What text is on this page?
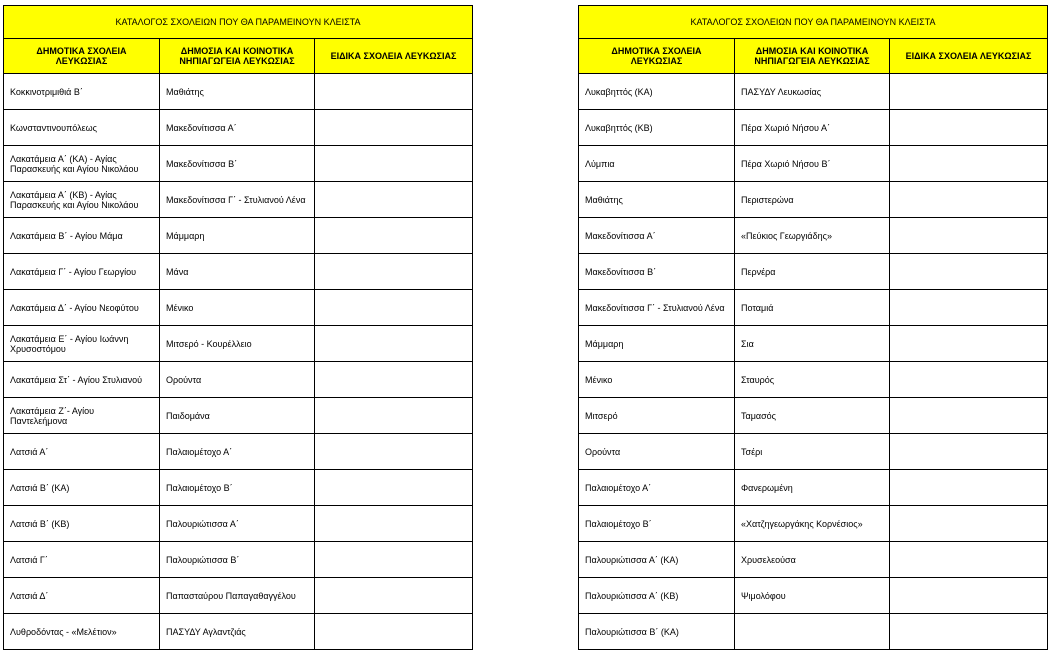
ΚΑΤΑΛΟΓΟΣ ΣΧΟΛΕΙΩΝ ΠΟΥ ΘΑ ΠΑΡΑΜΕΙΝΟΥΝ ΚΛΕΙΣΤΑ		
ΔΗΜΟΤΙΚΑ ΣΧΟΛΕΙΑ ΛΕΥΚΩΣΙΑΣ	ΔΗΜΟΣΙΑ ΚΑΙ ΚΟΙΝΟΤΙΚΑ ΝΗΠΙΑΓΩΓΕΙΑ ΛΕΥΚΩΣΙΑΣ	ΕΙΔΙΚΑ ΣΧΟΛΕΙΑ ΛΕΥΚΩΣΙΑΣ
Κοκκινοτριμιθιά Β΄	Μαθιάτης	
Κωνσταντινουπόλεως	Μακεδονίτισσα Α΄	
Λακατάμεια Α΄ (ΚΑ) - Αγίας Παρασκευής και Αγίου Νικολάου	Μακεδονίτισσα Β΄	
Λακατάμεια Α΄ (ΚΒ) - Αγίας Παρασκευής και Αγίου Νικολάου	Μακεδονίτισσα Γ΄ - Στυλιανού Λένα	
Λακατάμεια Β΄ - Αγίου Μάμα	Μάμμαρη	
Λακατάμεια Γ΄ - Αγίου Γεωργίου	Μάνα	
Λακατάμεια Δ΄ - Αγίου Νεοφύτου	Μένικο	
Λακατάμεια Ε΄ - Αγίου Ιωάννη Χρυσοστόμου	Μιτσερό - Κουρέλλειο	
Λακατάμεια Στ΄ - Αγίου Στυλιανού	Ορούντα	
Λακατάμεια Ζ΄- Αγίου Παντελεήμονα	Παιδομάνα	
Λατσιά Α΄	Παλαιομέτοχο Α΄	
Λατσιά Β΄ (ΚΑ)	Παλαιομέτοχο Β΄	
Λατσιά Β΄ (ΚΒ)	Παλουριώτισσα Α΄	
Λατσιά Γ΄	Παλουριώτισσα Β΄	
Λατσιά Δ΄	Παπασταύρου Παπαγαθαγγέλου	
Λυθροδόντας - «Μελέτιον»	ΠΑΣΥΔΥ Αγλαντζιάς	
ΚΑΤΑΛΟΓΟΣ ΣΧΟΛΕΙΩΝ ΠΟΥ ΘΑ ΠΑΡΑΜΕΙΝΟΥΝ ΚΛΕΙΣΤΑ		
ΔΗΜΟΤΙΚΑ ΣΧΟΛΕΙΑ ΛΕΥΚΩΣΙΑΣ	ΔΗΜΟΣΙΑ ΚΑΙ ΚΟΙΝΟΤΙΚΑ ΝΗΠΙΑΓΩΓΕΙΑ ΛΕΥΚΩΣΙΑΣ	ΕΙΔΙΚΑ ΣΧΟΛΕΙΑ ΛΕΥΚΩΣΙΑΣ
Λυκαβηττός (ΚΑ)	ΠΑΣΥΔΥ Λευκωσίας	
Λυκαβηττός (ΚΒ)	Πέρα Χωριό Νήσου Α΄	
Λύμπια	Πέρα Χωριό Νήσου Β΄	
Μαθιάτης	Περιστερώνα	
Μακεδονίτισσα Α΄	«Πεύκιος Γεωργιάδης»	
Μακεδονίτισσα Β΄	Περνέρα	
Μακεδονίτισσα Γ΄ - Στυλιανού Λένα	Ποταμιά	
Μάμμαρη	Σια	
Μένικο	Σταυρός	
Μιτσερό	Ταμασός	
Ορούντα	Τσέρι	
Παλαιομέτοχο Α΄	Φανερωμένη	
Παλαιομέτοχο Β΄	«Χατζηγεωργάκης Κορνέσιος»	
Παλουριώτισσα Α΄ (ΚΑ)	Χρυσελεούσα	
Παλουριώτισσα Α΄ (ΚΒ)	Ψιμολόφου	
Παλουριώτισσα Β΄ (ΚΑ)		
